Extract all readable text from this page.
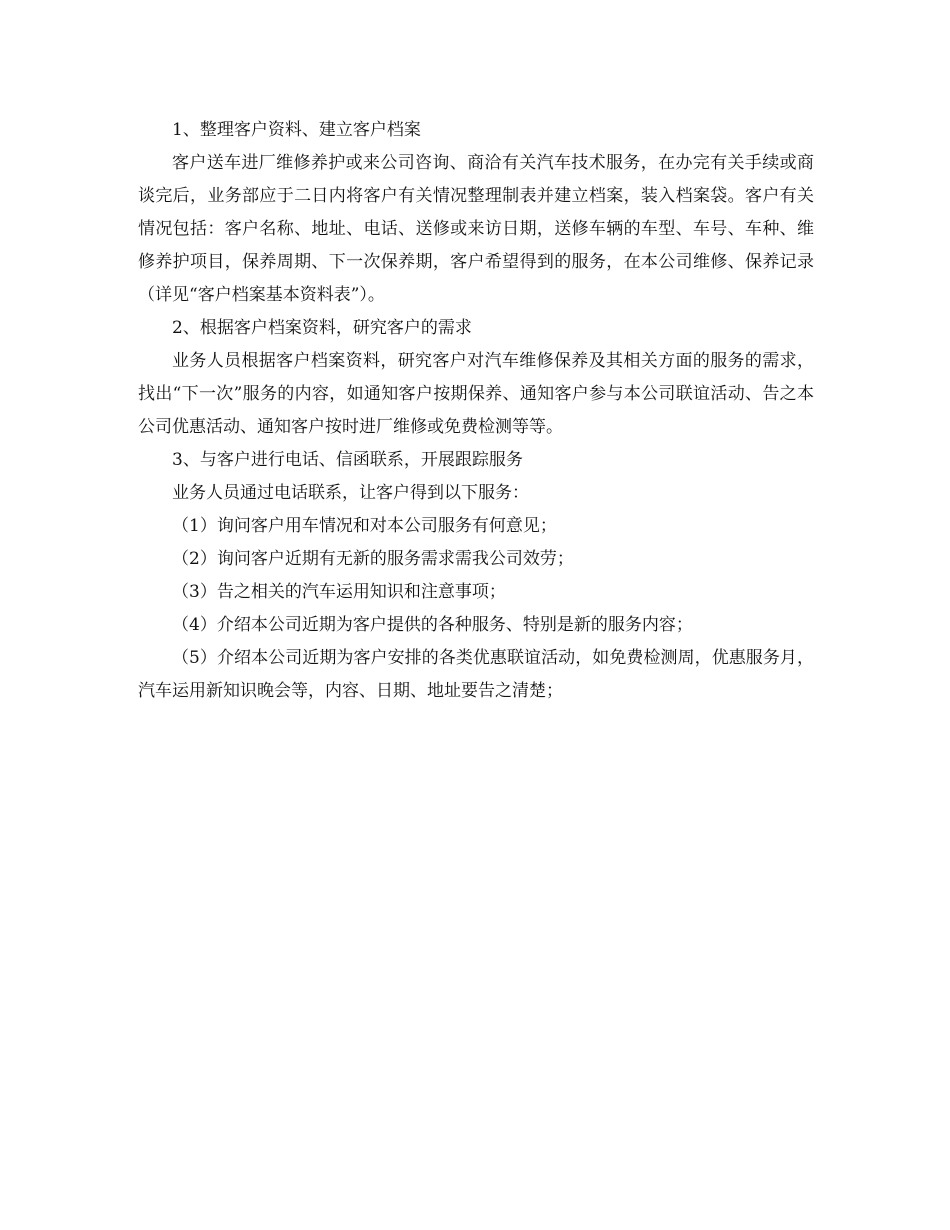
1、整理客户资料、建立客户档案

客户送车进厂维修养护或来公司咨询、商洽有关汽车技术服务，在办完有关手续或商谈完后，业务部应于二日内将客户有关情况整理制表并建立档案，装入档案袋。客户有关情况包括：客户名称、地址、电话、送修或来访日期，送修车辆的车型、车号、车种、维修养护项目，保养周期、下一次保养期，客户希望得到的服务，在本公司维修、保养记录（详见“客户档案基本资料表”）。

2、根据客户档案资料，研究客户的需求

业务人员根据客户档案资料，研究客户对汽车维修保养及其相关方面的服务的需求，找出“下一次”服务的内容，如通知客户按期保养、通知客户参与本公司联谊活动、告之本公司优惠活动、通知客户按时进厂维修或免费检测等等。

3、与客户进行电话、信函联系，开展跟踪服务

业务人员通过电话联系，让客户得到以下服务：

（1）询问客户用车情况和对本公司服务有何意见；

（2）询问客户近期有无新的服务需求需我公司效劳；

（3）告之相关的汽车运用知识和注意事项；

（4）介绍本公司近期为客户提供的各种服务、特别是新的服务内容；

（5）介绍本公司近期为客户安排的各类优惠联谊活动，如免费检测周，优惠服务月，汽车运用新知识晚会等，内容、日期、地址要告之清楚；
